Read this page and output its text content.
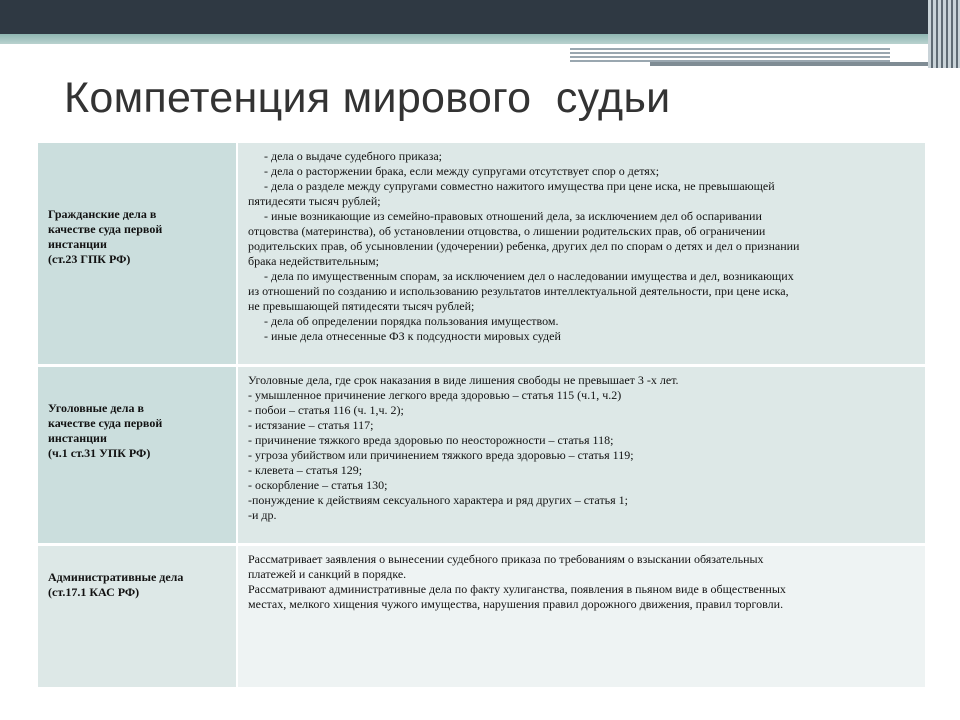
Компетенция мирового  судьи
Гражданские дела в
качестве суда первой
инстанции
(ст.23 ГПК РФ)
- дела о выдаче судебного приказа;
- дела о расторжении брака, если между супругами отсутствует спор о детях;
- дела о разделе между супругами совместно нажитого имущества при цене иска, не превышающей
пятидесяти тысяч рублей;
- иные возникающие из семейно-правовых отношений дела, за исключением дел об оспаривании
отцовства (материнства), об установлении отцовства, о лишении родительских прав, об ограничении
родительских прав, об усыновлении (удочерении) ребенка, других дел по спорам о детях и дел о признании
брака недействительным;
- дела по имущественным спорам, за исключением дел о наследовании имущества и дел, возникающих
из отношений по созданию и использованию результатов интеллектуальной деятельности, при цене иска,
не превышающей пятидесяти тысяч рублей;
- дела об определении порядка пользования имуществом.
- иные дела отнесенные ФЗ к подсудности мировых судей
Уголовные дела в
качестве суда первой
инстанции
(ч.1 ст.31 УПК РФ)
Уголовные дела, где срок наказания в виде лишения свободы не превышает 3 -х лет.
- умышленное причинение легкого вреда здоровью – статья 115 (ч.1, ч.2)
- побои – статья 116 (ч. 1,ч. 2);
- истязание – статья 117;
- причинение тяжкого вреда здоровью по неосторожности – статья 118;
- угроза убийством или причинением тяжкого вреда здоровью – статья 119;
- клевета – статья 129;
- оскорбление – статья 130;
-понуждение к действиям сексуального характера и ряд других – статья 1;
-и др.
Административные дела
(ст.17.1 КАС РФ)
Рассматривает заявления о вынесении судебного приказа по требованиям о взыскании обязательных
платежей и санкций в порядке.
Рассматривают административные дела по факту хулиганства, появления в пьяном виде в общественных
местах, мелкого хищения чужого имущества, нарушения правил дорожного движения, правил торговли.
